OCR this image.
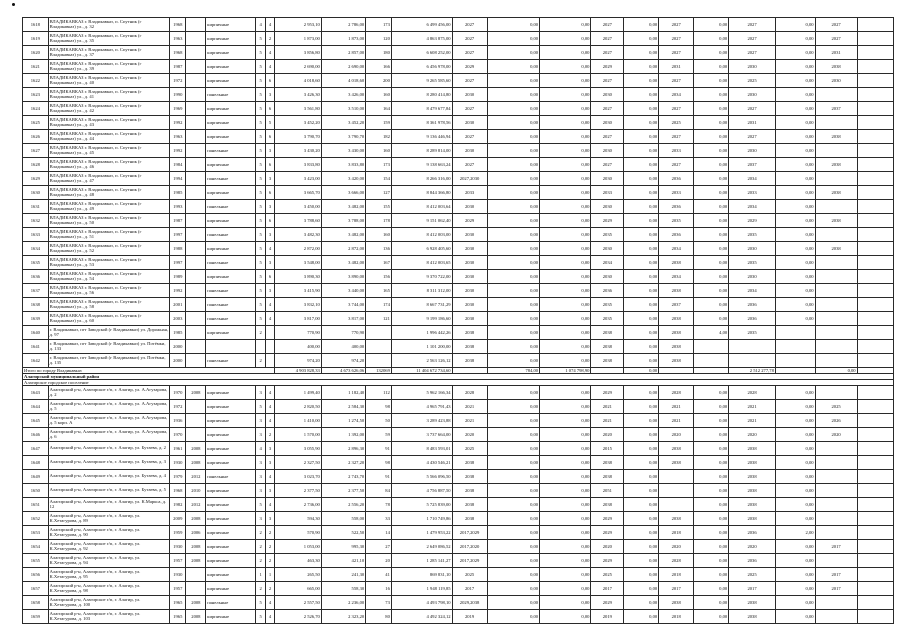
1618	ВЛАДИКАВКАЗ г. Владикавказ, п. Спутник (г Владикавказ) ул., д. 32	1968		кирпичные	4	4	2 953,10	2 786,00	173	6 499 456,00	2027	0,00	0,00	2027	0,00	2027	0,00	2027	0,00	2027	
1619	ВЛАДИКАВКАЗ г. Владикавказ, п. Спутник (г Владикавказ) ул., д. 35	1963		кирпичные	5	2	1 873,00	1 873,00	120	4 863 875,00	2027	0,00	0,00	2027	0,00	2027	0,00	2027	0,00	2027	
1620	ВЛАДИКАВКАЗ г. Владикавказ, п. Спутник (г Владикавказ) ул., д. 37	1968		кирпичные	5	4	3 856,80	2 857,00	180	6 608 252,00	2027	0,00	0,00	2027	0,00	2027	0,00	2027	0,00	2031	
1621	ВЛАДИКАВКАЗ г. Владикавказ, п. Спутник (г Владикавказ) ул., д. 39	1987		кирпичные	5	4	2 690,00	2 690,00	166	6 456 978,00	2029	0,00	0,00	2029	0,00	2031	0,00	2030	0,00	2038	
1622	ВЛАДИКАВКАЗ г. Владикавказ, п. Спутник (г Владикавказ) ул., д. 40	1972		кирпичные	5	6	4 018,60	4 018,60	200	9 265 585,60	2027	0,00	0,00	2027	0,00	2027	0,00	2025	0,00	2030	
1623	ВЛАДИКАВКАЗ г. Владикавказ, п. Спутник (г Владикавказ) ул., д. 41	1990		панельные	5	3	3 426,30	3 426,00	160	8 280 414,80	2030	0,00	0,00	2030	0,00	2034	0,00	2030	0,00		
1624	ВЛАДИКАВКАЗ г. Владикавказ, п. Спутник (г Владикавказ) ул., д. 42	1969		кирпичные	5	6	3 561,80	3 510,00	164	8 479 677,84	2027	0,00	0,00	2027	0,00	2027	0,00	2027	0,00	2037	
1625	ВЛАДИКАВКАЗ г. Владикавказ, п. Спутник (г Владикавказ) ул., д. 43	1992		кирпичные	5	5	3 452,20	3 452,20	159	8 361 978,56	2030	0,00	0,00	2030	0,00	2025	0,00	2031	0,00		
1626	ВЛАДИКАВКАЗ г. Владикавказ, п. Спутник (г Владикавказ) ул., д. 44	1963		кирпичные	5	6	3 790,70	3 790,70	182	9 136 446,94	2027	0,00	0,00	2027	0,00	2027	0,00	2027	0,00	2038	
1627	ВЛАДИКАВКАЗ г. Владикавказ, п. Спутник (г Владикавказ) ул., д. 45	1992		панельные	5	3	3 430,20	3 430,00	160	8 289 814,00	2030	0,00	0,00	2030	0,00	2033	0,00	2030	0,00		
1628	ВЛАДИКАВКАЗ г. Владикавказ, п. Спутник (г Владикавказ) ул., д. 46	1984		кирпичные	5	6	3 833,80	3 833,80	173	9 138 663,24	2027	0,00	0,00	2027	0,00	2027	0,00	2037	0,00	2038	
1629	ВЛАДИКАВКАЗ г. Владикавказ, п. Спутник (г Владикавказ) ул., д. 47	1994		панельные	5	3	3 423,00	3 420,00	154	8 266 316,00	2027,2030	0,00	0,00	2030	0,00	2036	0,00	2034	0,00		
1630	ВЛАДИКАВКАЗ г. Владикавказ, п. Спутник (г Владикавказ) ул., д. 48	1985		кирпичные	5	6	3 665,70	3 666,00	127	8 844 366,80	2033	0,00	0,00	2033	0,00	2033	0,00	2033	0,00	2038	
1631	ВЛАДИКАВКАЗ г. Владикавказ, п. Спутник (г Владикавказ) ул., д. 49	1993		панельные	5	3	3 450,00	3 482,00	155	8 412 003,64	2030	0,00	0,00	2030	0,00	2036	0,00	2034	0,00		
1632	ВЛАДИКАВКАЗ г. Владикавказ, п. Спутник (г Владикавказ) ул., д. 50	1987		кирпичные	5	6	3 788,60	3 788,00	178	9 151 062,40	2029	0,00	0,00	2029	0,00	2035	0,00	2029	0,00	2038	
1633	ВЛАДИКАВКАЗ г. Владикавказ, п. Спутник (г Владикавказ) ул., д. 51	1997		панельные	5	3	3 482,30	3 482,00	160	8 412 003,00	2030	0,00	0,00	2035	0,00	2036	0,00	2035	0,00		
1634	ВЛАДИКАВКАЗ г. Владикавказ, п. Спутник (г Владикавказ) ул., д. 52	1988		кирпичные	5	4	2 872,00	2 872,00	136	6 928 405,60	2030	0,00	0,00	2030	0,00	2034	0,00	2030	0,00	2038	
1635	ВЛАДИКАВКАЗ г. Владикавказ, п. Спутник (г Владикавказ) ул., д. 53	1997		панельные	5	3	3 548,00	3 482,00	167	8 412 003,65	2030	0,00	0,00	2034	0,00	2038	0,00	2035	0,00		
1636	ВЛАДИКАВКАЗ г. Владикавказ, п. Спутник (г Владикавказ) ул., д. 54	1989		кирпичные	5	6	3 890,30	3 890,00	156	9 370 722,00	2030	0,00	0,00	2030	0,00	2034	0,00	2030	0,00		
1637	ВЛАДИКАВКАЗ г. Владикавказ, п. Спутник (г Владикавказ) ул., д. 56	1992		панельные	5	3	3 415,90	3 440,00	165	8 311 312,00	2030	0,00	0,00	2036	0,00	2038	0,00	2034	0,00		
1638	ВЛАДИКАВКАЗ г. Владикавказ, п. Спутник (г Владикавказ) ул., д. 58	2001		панельные	5	4	3 832,10	3 744,00	174	8 667 731,29	2030	0,00	0,00	2035	0,00	2037	0,00	2036	0,00		
1639	ВЛАДИКАВКАЗ г. Владикавказ, п. Спутник (г Владикавказ) ул., д. 60	2003		панельные	5	4	3 817,00	3 817,00	121	9 199 186,60	2030	0,00	0,00	2035	0,00	2038	0,00	2036	0,00		
1640	г. Владикавказ, пгт Заводской (г Владикавказ) ул. Дорожная, д. 97	1985		кирпичные	2		770,90	770,90		1 996 442,26	2038	0,00	0,00	2038	0,00	2038	4,00	2035			
1641	г. Владикавказ, пгт Заводской (г Владикавказ) ул. Потёмки, д. 133	2000					400,00	400,00		1 101 200,00	2038	0,00	0,00	2038	0,00	2038					
1642	г. Владикавказ, пгт Заводской (г Владикавказ) ул. Потёмки, д. 135	2000		панельные	2		974,20	974,20		2 563 126,12	2038	0,00	0,00	2038	0,00	2038					
Итого по городу Владикавказ							4 903 828,33	4 673 626,06	132069	11 404 672 734,60		784,00	1 074 798,90		0,00			2 512 277,78		0,00	
Алагирский муниципальный район																					
Алагирское городское поселение																					
1643	Алагирский р-н, Алагирское г/п, г. Алагир, ул. А.Агузарова, д. 2	1970	2008	кирпичные	3	4	1 499,40	1 182,40	112	5 962 166,34	2028	0,00	0,00	2029	0,00	2028	0,00	2028	0,00		
1644	Алагирский р-н, Алагирское г/п, г. Алагир, ул. А.Агузарова, д. 5	1972		кирпичные	5	4	2 820,50	2 584,30	98	4 965 791,43	2021	0,00	0,00	2021	0,00	2021	0,00	2021	0,00	2025	
1645	Алагирский р-н, Алагирское г/п, г. Алагир, ул. А.Агузарова, д. 5 корп. А	1936		кирпичные	3	4	1 410,00	1 274,50	50	3 289 423,88	2021	0,00	0,00	2021	0,00	2021	0,00	2021	0,00	2026	
1646	Алагирский р-н, Алагирское г/п, г. Алагир, ул. А.Агузарова, д. 6	1970		кирпичные	3	2	1 570,00	1 392,00	59	3 737 664,00	2020	0,00	0,00	2020	0,00	2020	0,00	2020	0,00	2020	
1647	Алагирский р-н, Алагирское г/п, г. Алагир, ул. Бутаева, д. 2	1961	2008	кирпичные	4	3	3 055,90	2 896,30	91	8 483 593,01	2025	0,00	0,00	2015	0,00	2038	0,00	2038	0,00		
1648	Алагирский р-н, Алагирское г/п, г. Алагир, ул. Бутаева, д. 3	1930	2008	кирпичные	3	3	2 327,50	2 327,20	98	4 430 546,21	2038	0,00	0,00	2038	0,00	2038	0,00	2038	0,00		
1649	Алагирский р-н, Алагирское г/п, г. Алагир, ул. Бутаева, д. 4	1979	2012	панельные	3	4	3 023,70	2 743,70	91	5 566 096,50	2038	0,00	0,00	2038	0,00		0,00	2038	0,00		
1650	Алагирский р-н, Алагирское г/п, г. Алагир, ул. Бутаева, д. 5	1968	2010	кирпичные	3	3	2 377,50	2 377,50	84	4 756 887,50	2038	0,00	0,00	2051	0,00		0,00	2038	0,00		
1651	Алагирский р-н, Алагирское г/п, г. Алагир, ул. К.Маркса, д. 12	1982	2012	кирпичные	5	4	2 736,00	2 556,20	78	5 725 839,00	2038	0,00	0,00	2038	0,00		0,00	2038	0,00		
1652	Алагирский р-н, Алагирское г/п, г. Алагир, ул. К.Хетагурова, д. 89	2009	2008	кирпичные	3	3	594,30	558,00	33	1 710 749,86	2038	0,00	0,00	2029	0,00	2038	0,00	2038	0,00		
1653	Алагирский р-н, Алагирское г/п, г. Алагир, ул. К.Хетагурова, д. 90	1959	2006	кирпичные	2	2	570,90	522,50	14	1 479 953,22	2017,2029	0,00	0,00	2029	0,00	2018	0,00	2036	2,00		
1654	Алагирский р-н, Алагирское г/п, г. Алагир, ул. К.Хетагурова, д. 92	1930	2008	кирпичные	2	2	1 053,00	995,30	27	2 649 086,52	2017,2020	0,00	0,00	2020	0,00	2020	0,00	2020	0,00	2017	
1655	Алагирский р-н, Алагирское г/п, г. Алагир, ул. К.Хетагурова, д. 94	1957	2008	кирпичные	2	2	463,30	421,10	20	1 285 141,27	2017,2029	0,00	0,00	2029	0,00	2028	0,00	2036	0,00		
1656	Алагирский р-н, Алагирское г/п, г. Алагир, ул. К.Хетагурова, д. 95	1930		кирпичные	1	1	265,50	241,30	41	869 831,10	2025	0,00	0,00	2025	0,00	2018	0,00	2025	0,00	2017	
1657	Алагирский р-н, Алагирское г/п, г. Алагир, ул. К.Хетагурова, д. 98	1957		кирпичные	2	2	665,00	558,30	16	1 948 119,85	2017	0,00	0,00	2017	0,00	2017	0,00	2017	0,00	2017	
1658	Алагирский р-н, Алагирское г/п, г. Алагир, ул. К.Хетагурова, д. 100	1965	2008	панельные	5	4	2 557,50	2 236,00	73	4 493 798,10	2029,2038	0,00	0,00	2029	0,00	2038	0,00	2038	0,00		
1659	Алагирский р-н, Алагирское г/п, г. Алагир, ул. К.Хетагурова, д. 103	1965	2008	кирпичные	5	4	2 526,70	2 323,20	80	4 492 324,12	2019	0,00	0,00	2019	0,00	2018	0,00	2038	0,00		
